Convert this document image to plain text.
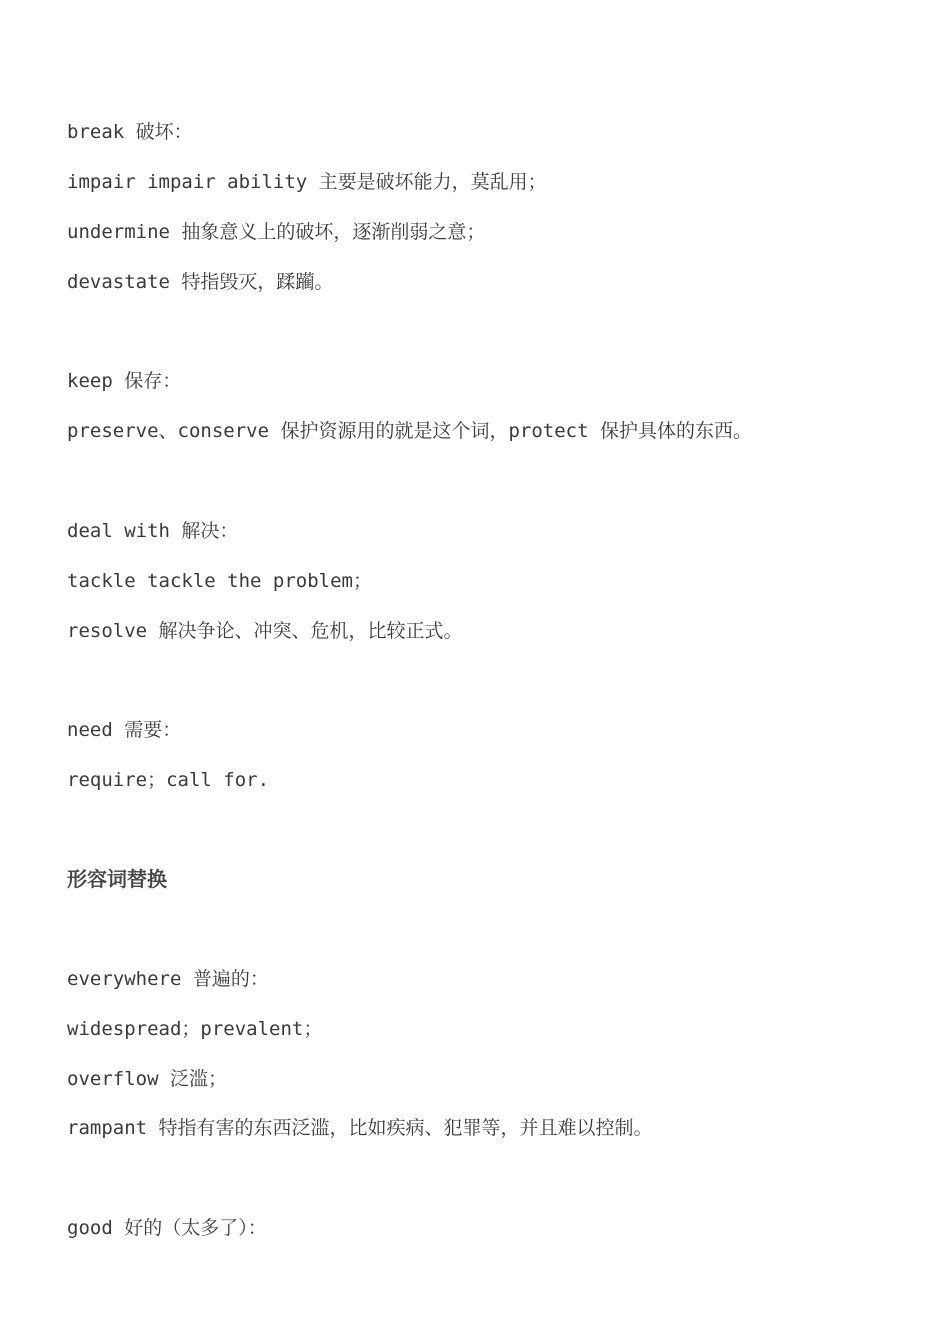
break 破坏：

impair impair ability 主要是破坏能力，莫乱用；

undermine 抽象意义上的破坏，逐渐削弱之意；

devastate 特指毁灭，蹂躏。

keep 保存：

preserve、conserve 保护资源用的就是这个词，protect 保护具体的东西。

deal with 解决：

tackle tackle the problem；

resolve 解决争论、冲突、危机，比较正式。

need 需要：

require；call for.

形容词替换

everywhere 普遍的：

widespread；prevalent；

overflow 泛滥；

rampant 特指有害的东西泛滥，比如疾病、犯罪等，并且难以控制。

good 好的（太多了）：
